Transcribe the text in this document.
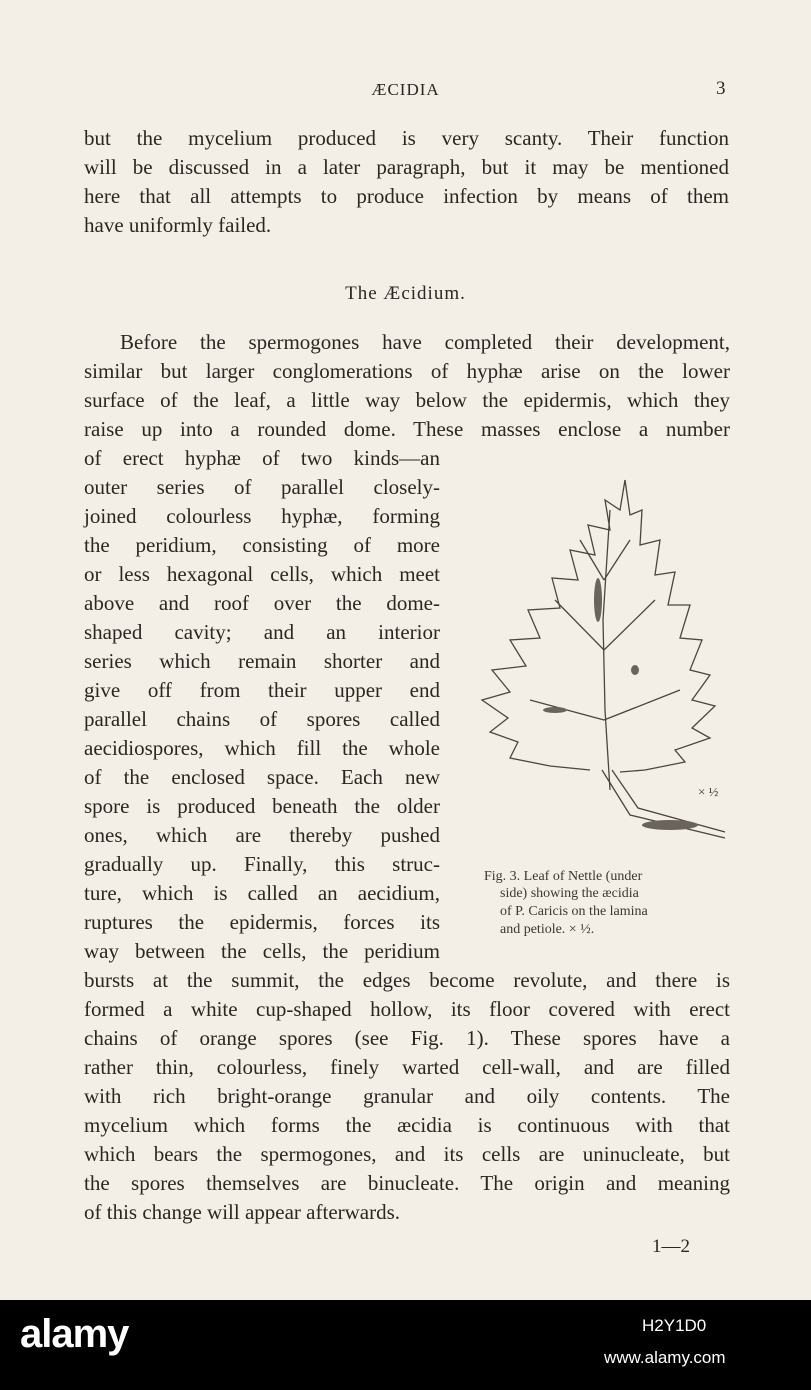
ÆCIDIA	3
but the mycelium produced is very scanty. Their function
will be discussed in a later paragraph, but it may be mentioned
here that all attempts to produce infection by means of them
have uniformly failed.
The Æcidium.
Before the spermogones have completed their development,
similar but larger conglomerations of hyphæ arise on the lower
surface of the leaf, a little way below the epidermis, which they
raise up into a rounded dome. These masses enclose a number
of erect hyphæ of two kinds—an
outer series of parallel closely-
joined colourless hyphæ, forming
the peridium, consisting of more
or less hexagonal cells, which meet
above and roof over the dome-
shaped cavity; and an interior
series which remain shorter and
give off from their upper end
parallel chains of spores called
aecidiospores, which fill the whole
of the enclosed space. Each new
spore is produced beneath the older
ones, which are thereby pushed
gradually up. Finally, this struc-
ture, which is called an aecidium,
ruptures the epidermis, forces its
way between the cells, the peridium
bursts at the summit, the edges become revolute, and there is
formed a white cup-shaped hollow, its floor covered with erect
chains of orange spores (see Fig. 1). These spores have a
rather thin, colourless, finely warted cell-wall, and are filled
with rich bright-orange granular and oily contents. The
mycelium which forms the æcidia is continuous with that
which bears the spermogones, and its cells are uninucleate, but
the spores themselves are binucleate. The origin and meaning
of this change will appear afterwards.
× ½
Fig. 3. Leaf of Nettle (under
side) showing the æcidia
of P. Caricis on the lamina
and petiole. × ½.
1—2
alamy	H2Y1D0
www.alamy.com
